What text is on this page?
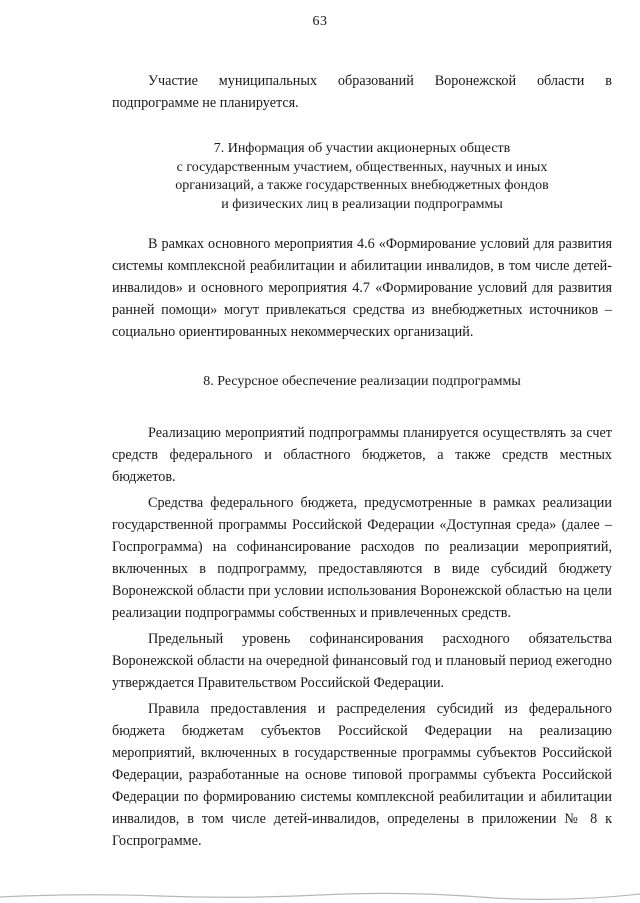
63

Участие муниципальных образований Воронежской области в подпрограмме не планируется.

7. Информация об участии акционерных обществ
с государственным участием, общественных, научных и иных
организаций, а также государственных внебюджетных фондов
и физических лиц в реализации подпрограммы

В рамках основного мероприятия 4.6 «Формирование условий для развития системы комплексной реабилитации и абилитации инвалидов, в том числе детей-инвалидов» и основного мероприятия 4.7 «Формирование условий для развития ранней помощи» могут привлекаться средства из внебюджетных источников – социально ориентированных некоммерческих организаций.

8. Ресурсное обеспечение реализации подпрограммы

Реализацию мероприятий подпрограммы планируется осуществлять за счет средств федерального и областного бюджетов, а также средств местных бюджетов.

Средства федерального бюджета, предусмотренные в рамках реализации государственной программы Российской Федерации «Доступная среда» (далее – Госпрограмма) на софинансирование расходов по реализации мероприятий, включенных в подпрограмму, предоставляются в виде субсидий бюджету Воронежской области при условии использования Воронежской областью на цели реализации подпрограммы собственных и привлеченных средств.

Предельный уровень софинансирования расходного обязательства Воронежской области на очередной финансовый год и плановый период ежегодно утверждается Правительством Российской Федерации.

Правила предоставления и распределения субсидий из федерального бюджета бюджетам субъектов Российской Федерации на реализацию мероприятий, включенных в государственные программы субъектов Российской Федерации, разработанные на основе типовой программы субъекта Российской Федерации по формированию системы комплексной реабилитации и абилитации инвалидов, в том числе детей-инвалидов, определены в приложении № 8 к Госпрограмме.
